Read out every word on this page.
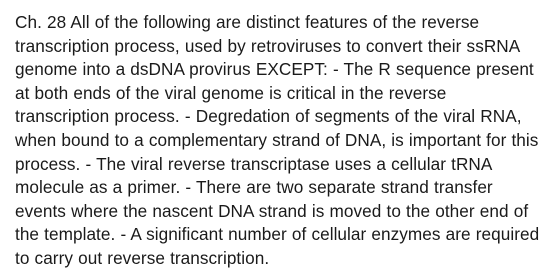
Ch. 28 All of the following are distinct features of the reverse transcription process, used by retroviruses to convert their ssRNA genome into a dsDNA provirus EXCEPT: - The R sequence present at both ends of the viral genome is critical in the reverse transcription process. - Degredation of segments of the viral RNA, when bound to a complementary strand of DNA, is important for this process. - The viral reverse transcriptase uses a cellular tRNA molecule as a primer. - There are two separate strand transfer events where the nascent DNA strand is moved to the other end of the template. - A significant number of cellular enzymes are required to carry out reverse transcription.
